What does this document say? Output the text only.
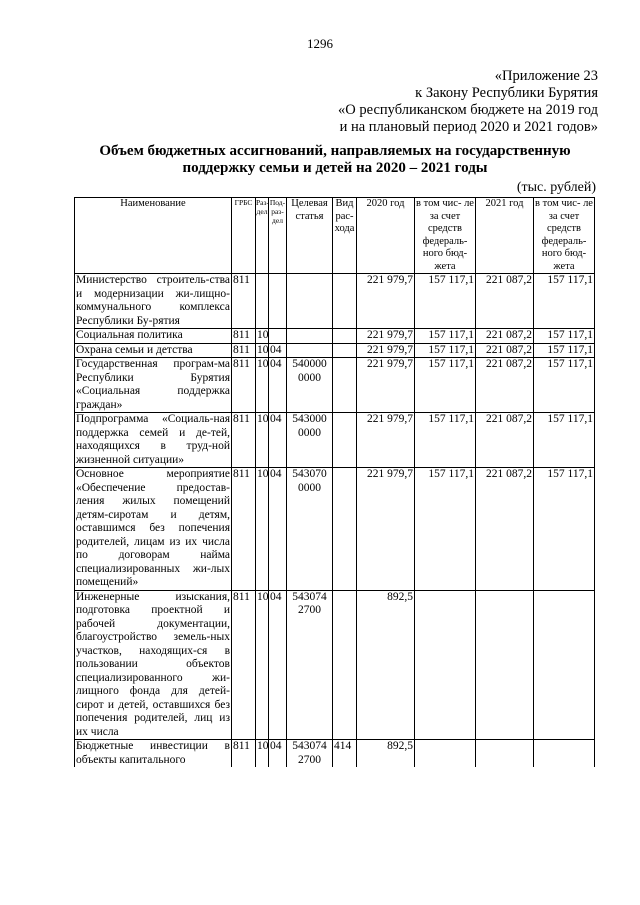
1296
«Приложение 23
к Закону Республики Бурятия
«О республиканском бюджете на 2019 год
и на плановый период 2020 и 2021 годов»
Объем бюджетных ассигнований, направляемых на государственную
поддержку семьи и детей на 2020 – 2021 годы
(тыс. рублей)
Наименование	ГРБС	Раз- дел	Под- раз- дел	Целевая статья	Вид рас- хода	2020 год	в том чис- ле за счет средств федераль- ного бюд- жета	2021 год	в том чис- ле за счет средств федераль- ного бюд- жета
Министерство строитель-ства и модернизации жи-лищно-коммунального комплекса Республики Бу-рятия	811					221 979,7	157 117,1	221 087,2	157 117,1
Социальная политика	811	10				221 979,7	157 117,1	221 087,2	157 117,1
Охрана семьи и детства	811	10	04			221 979,7	157 117,1	221 087,2	157 117,1
Государственная програм-ма Республики Бурятия «Социальная поддержка граждан»	811	10	04	540000 0000		221 979,7	157 117,1	221 087,2	157 117,1
Подпрограмма «Социаль-ная поддержка семей и де-тей, находящихся в труд-ной жизненной ситуации»	811	10	04	543000 0000		221 979,7	157 117,1	221 087,2	157 117,1
Основное мероприятие «Обеспечение предостав-ления жилых помещений детям-сиротам и детям, оставшимся без попечения родителей, лицам из их числа по договорам найма специализированных жи-лых помещений»	811	10	04	543070 0000		221 979,7	157 117,1	221 087,2	157 117,1
Инженерные изыскания, подготовка проектной и рабочей документации, благоустройство земель-ных участков, находящих-ся в пользовании объектов специализированного жи-лищного фонда для детей-сирот и детей, оставшихся без попечения родителей, лиц из их числа	811	10	04	543074 2700		892,5			
Бюджетные инвестиции в объекты капитального	811	10	04	543074 2700	414	892,5			
